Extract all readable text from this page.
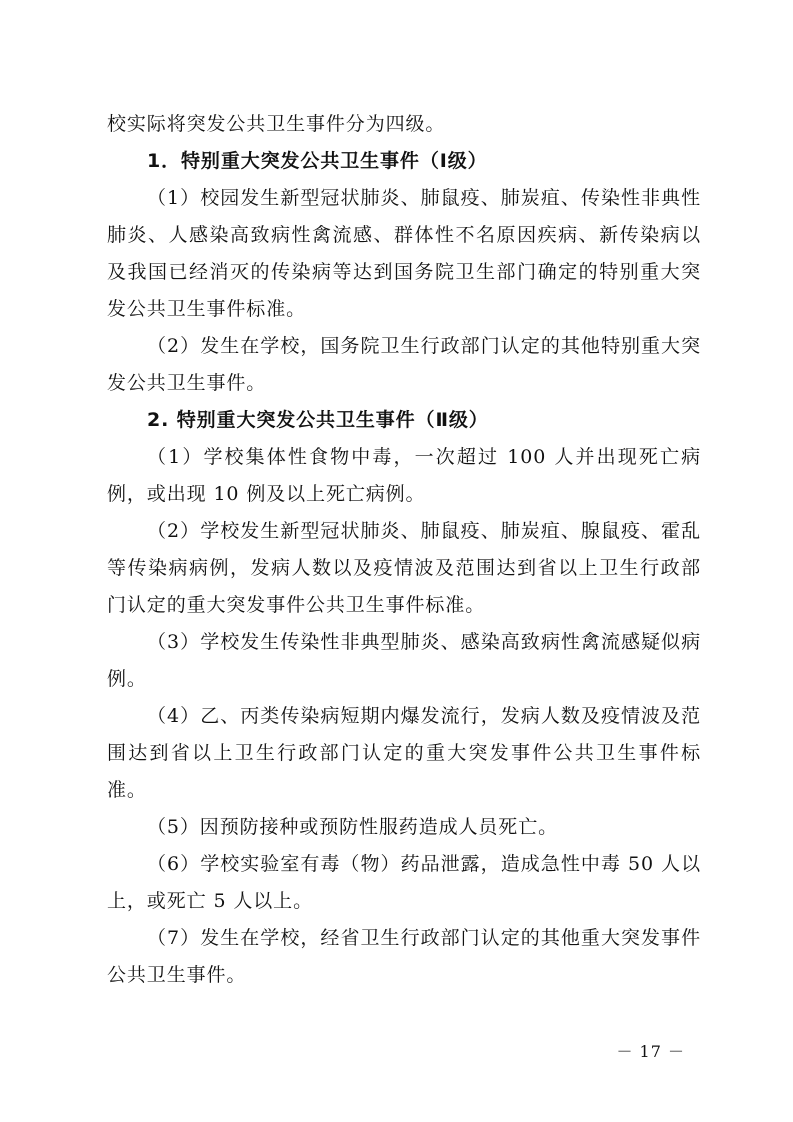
校实际将突发公共卫生事件分为四级。

1．特别重大突发公共卫生事件（Ⅰ级）

（1）校园发生新型冠状肺炎、肺鼠疫、肺炭疽、传染性非典性肺炎、人感染高致病性禽流感、群体性不名原因疾病、新传染病以及我国已经消灭的传染病等达到国务院卫生部门确定的特别重大突发公共卫生事件标准。

（2）发生在学校，国务院卫生行政部门认定的其他特别重大突发公共卫生事件。

2. 特别重大突发公共卫生事件（Ⅱ级）

（1）学校集体性食物中毒，一次超过 100 人并出现死亡病例，或出现 10 例及以上死亡病例。

（2）学校发生新型冠状肺炎、肺鼠疫、肺炭疽、腺鼠疫、霍乱等传染病病例，发病人数以及疫情波及范围达到省以上卫生行政部门认定的重大突发事件公共卫生事件标准。

（3）学校发生传染性非典型肺炎、感染高致病性禽流感疑似病例。

（4）乙、丙类传染病短期内爆发流行，发病人数及疫情波及范围达到省以上卫生行政部门认定的重大突发事件公共卫生事件标准。

（5）因预防接种或预防性服药造成人员死亡。

（6）学校实验室有毒（物）药品泄露，造成急性中毒 50 人以上，或死亡 5 人以上。

（7）发生在学校，经省卫生行政部门认定的其他重大突发事件公共卫生事件。

－ 17 －
